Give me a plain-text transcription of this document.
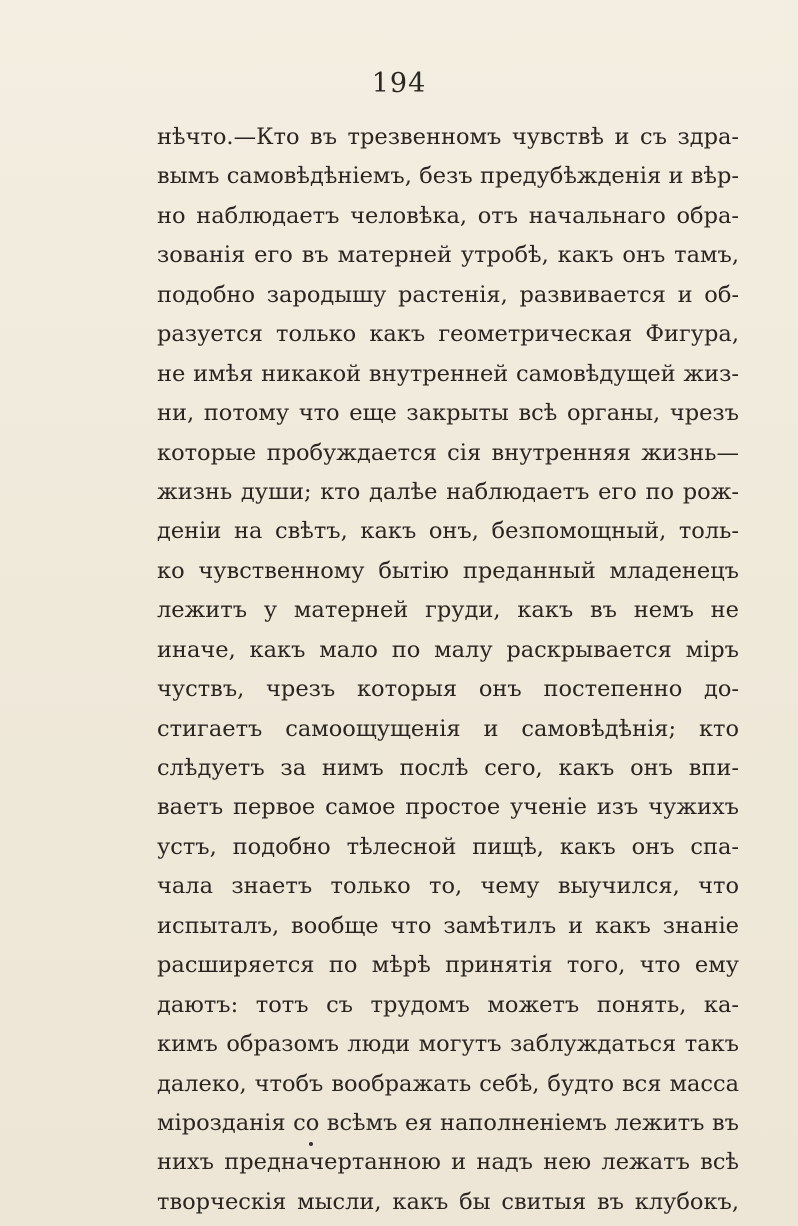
194
нѣчто.—Кто въ трезвенномъ чувствѣ и съ здра-
вымъ самовѣдѣніемъ, безъ предубѣжденія и вѣр-
но наблюдаетъ человѣка, отъ начальнаго обра-
зованія его въ матерней утробѣ, какъ онъ тамъ,
подобно зародышу растенія, развивается и об-
разуется только какъ геометрическая Фигура,
не имѣя никакой внутренней самовѣдущей жиз-
ни, потому что еще закрыты всѣ органы, чрезъ
которые пробуждается сія внутренняя жизнь—
жизнь души; кто далѣе наблюдаетъ его по рож-
деніи на свѣтъ, какъ онъ, безпомощный, толь-
ко чувственному бытію преданный младенецъ
лежитъ у матерней груди, какъ въ немъ не
иначе, какъ мало по малу раскрывается міръ
чуствъ, чрезъ которыя онъ постепенно до-
стигаетъ самоощущенія и самовѣдѣнія; кто
слѣдуетъ за нимъ послѣ сего, какъ онъ впи-
ваетъ первое самое простое ученіе изъ чужихъ
устъ, подобно тѣлесной пищѣ, какъ онъ спа-
чала знаетъ только то, чему выучился, что
испыталъ, вообще что замѣтилъ и какъ знаніе
расширяется по мѣрѣ принятія того, что ему
даютъ: тотъ съ трудомъ можетъ понять, ка-
кимъ образомъ люди могутъ заблуждаться такъ
далеко, чтобъ воображать себѣ, будто вся масса
мірозданія со всѣмъ ея наполненіемъ лежитъ въ
нихъ предначертанною и надъ нею лежатъ всѣ
творческія мысли, какъ бы свитыя въ клубокъ,
